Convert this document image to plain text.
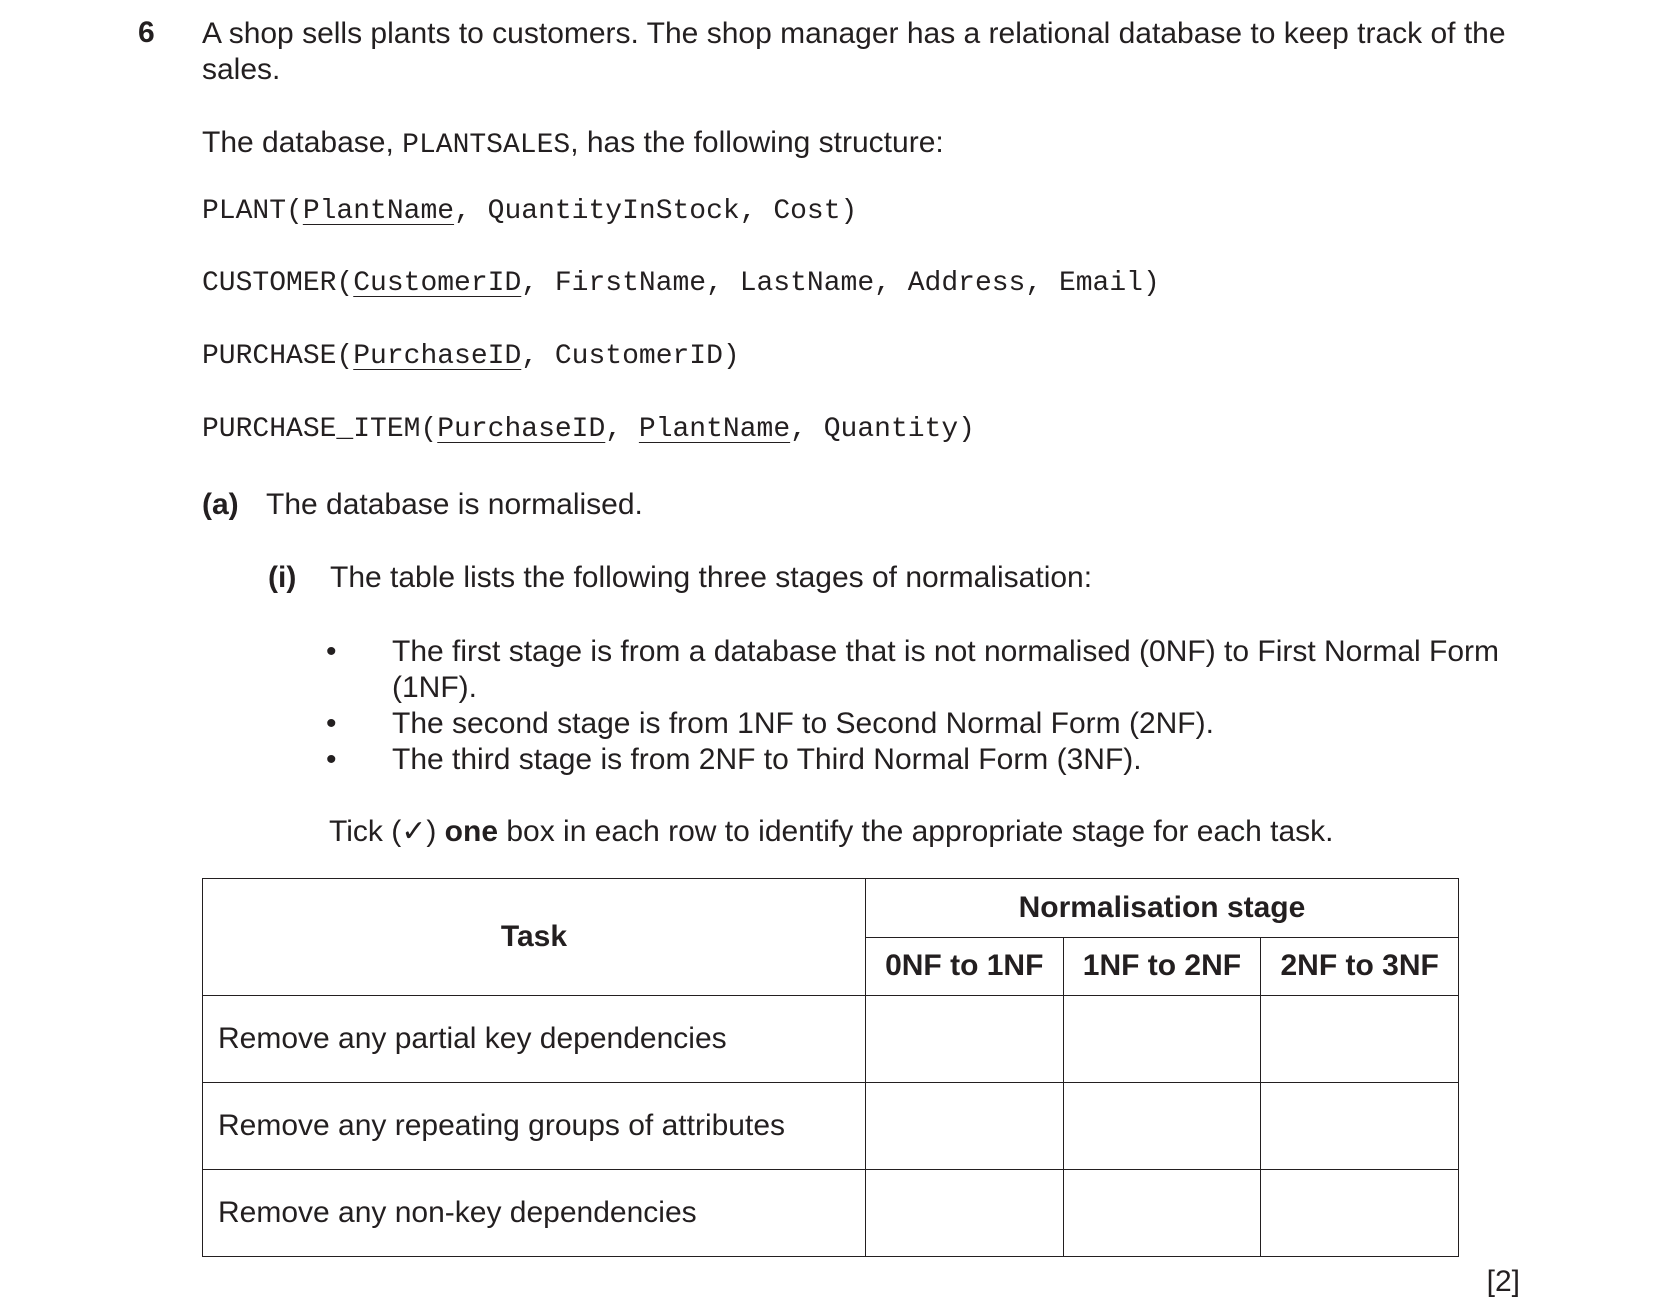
6 A shop sells plants to customers. The shop manager has a relational database to keep track of the sales.
The database, PLANTSALES, has the following structure:
PLANT(PlantName, QuantityInStock, Cost)
CUSTOMER(CustomerID, FirstName, LastName, Address, Email)
PURCHASE(PurchaseID, CustomerID)
PURCHASE_ITEM(PurchaseID, PlantName, Quantity)
(a) The database is normalised.
(i) The table lists the following three stages of normalisation:
• The first stage is from a database that is not normalised (0NF) to First Normal Form (1NF).
• The second stage is from 1NF to Second Normal Form (2NF).
• The third stage is from 2NF to Third Normal Form (3NF).
Tick (✓) one box in each row to identify the appropriate stage for each task.
Task	Normalisation stage		
	0NF to 1NF	1NF to 2NF	2NF to 3NF
Remove any partial key dependencies			
Remove any repeating groups of attributes			
Remove any non-key dependencies			
[2]
